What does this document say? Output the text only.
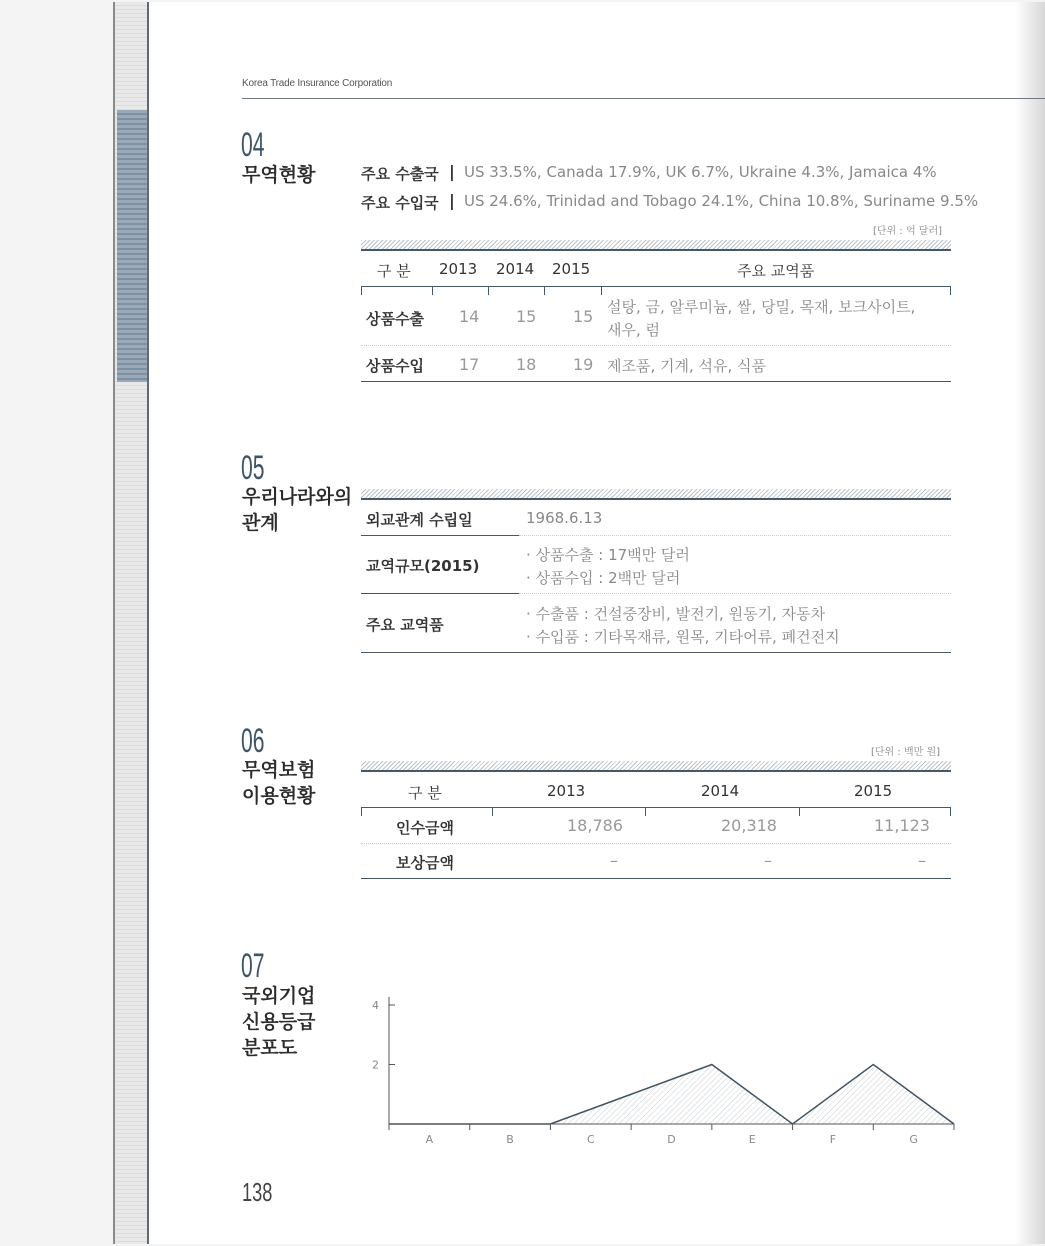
Korea Trade Insurance Corporation
04
무역현황	주요 수출국 | US 33.5%, Canada 17.9%, UK 6.7%, Ukraine 4.3%, Jamaica 4%
주요 수입국 | US 24.6%, Trinidad and Tobago 24.1%, China 10.8%, Suriname 9.5%
[단위 : 억 달러]
구 분 2013 2014 2015	주요 교역품
상품수출 14 15 15 설탕, 금, 알루미늄, 쌀, 당밀, 목재, 보크사이트,
새우, 럼
상품수입 17 18 19 제조품, 기계, 석유, 식품
05
우리나라와의
관계	외교관계 수립일	1968.6.13
교역규모(2015)
· 상품수출 : 17백만 달러
· 상품수입 : 2백만 달러
주요 교역품
· 수출품 : 건설중장비, 발전기, 원동기, 자동차
· 수입품 : 기타목재류, 원목, 기타어류, 폐건전지
06
무역보험
이용현황
[단위 : 백만 원]
구 분	2013	2014	2015
인수금액	18,786	20,318	11,123
보상금액	–	–	–
07
국외기업
신용등급
분포도
2
4
A	B	C	D	E	F	G
138
